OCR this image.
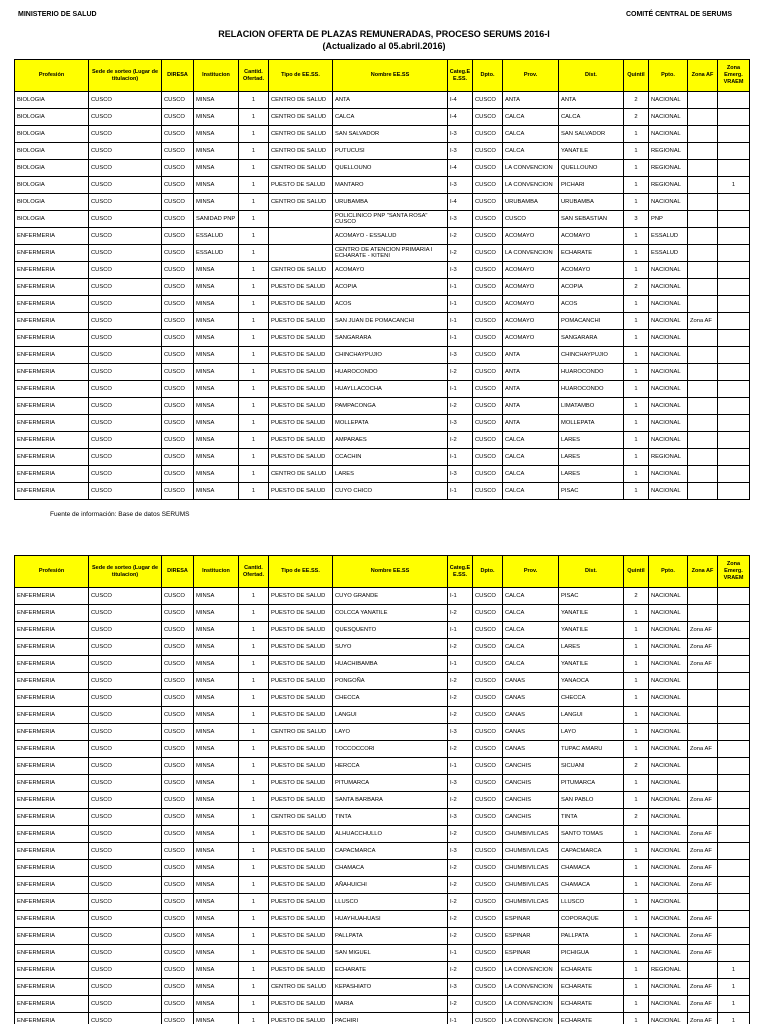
MINISTERIO DE SALUD	COMITÉ CENTRAL DE SERUMS
RELACION OFERTA DE PLAZAS REMUNERADAS, PROCESO SERUMS 2016-I
(Actualizado al 05.abril.2016)
Profesión	Sede de sorteo (Lugar de titulacion)	DIRESA	Institucion	Cantid. Ofertad.	Tipo de EE.SS.	Nombre EE.SS	Categ.E E.SS.	Dpto.	Prov.	Dist.	Quintil	Ppto.	Zona AF	Zona Emerg. VRAEM
BIOLOGIA	CUSCO	CUSCO	MINSA	1	CENTRO DE SALUD	ANTA	I-4	CUSCO	ANTA	ANTA	2	NACIONAL		
BIOLOGIA	CUSCO	CUSCO	MINSA	1	CENTRO DE SALUD	CALCA	I-4	CUSCO	CALCA	CALCA	2	NACIONAL		
BIOLOGIA	CUSCO	CUSCO	MINSA	1	CENTRO DE SALUD	SAN SALVADOR	I-3	CUSCO	CALCA	SAN SALVADOR	1	NACIONAL		
BIOLOGIA	CUSCO	CUSCO	MINSA	1	CENTRO DE SALUD	PUTUCUSI	I-3	CUSCO	CALCA	YANATILE	1	REGIONAL		
BIOLOGIA	CUSCO	CUSCO	MINSA	1	CENTRO DE SALUD	QUELLOUNO	I-4	CUSCO	LA CONVENCION	QUELLOUNO	1	REGIONAL		
BIOLOGIA	CUSCO	CUSCO	MINSA	1	PUESTO DE SALUD	MANTARO	I-3	CUSCO	LA CONVENCION	PICHARI	1	REGIONAL		1
BIOLOGIA	CUSCO	CUSCO	MINSA	1	CENTRO DE SALUD	URUBAMBA	I-4	CUSCO	URUBAMBA	URUBAMBA	1	NACIONAL		
BIOLOGIA	CUSCO	CUSCO	SANIDAD PNP	1		POLICLINICO PNP "SANTA ROSA" CUSCO	I-3	CUSCO	CUSCO	SAN SEBASTIAN	3	PNP		
ENFERMERIA	CUSCO	CUSCO	ESSALUD	1		ACOMAYO - ESSALUD	I-2	CUSCO	ACOMAYO	ACOMAYO	1	ESSALUD		
ENFERMERIA	CUSCO	CUSCO	ESSALUD	1		CENTRO DE ATENCION PRIMARIA I ECHARATE - KITENI	I-2	CUSCO	LA CONVENCION	ECHARATE	1	ESSALUD		
ENFERMERIA	CUSCO	CUSCO	MINSA	1	CENTRO DE SALUD	ACOMAYO	I-3	CUSCO	ACOMAYO	ACOMAYO	1	NACIONAL		
ENFERMERIA	CUSCO	CUSCO	MINSA	1	PUESTO DE SALUD	ACOPIA	I-1	CUSCO	ACOMAYO	ACOPIA	2	NACIONAL		
ENFERMERIA	CUSCO	CUSCO	MINSA	1	PUESTO DE SALUD	ACOS	I-1	CUSCO	ACOMAYO	ACOS	1	NACIONAL		
ENFERMERIA	CUSCO	CUSCO	MINSA	1	PUESTO DE SALUD	SAN JUAN DE POMACANCHI	I-1	CUSCO	ACOMAYO	POMACANCHI	1	NACIONAL	Zona AF	
ENFERMERIA	CUSCO	CUSCO	MINSA	1	PUESTO DE SALUD	SANGARARA	I-1	CUSCO	ACOMAYO	SANGARARA	1	NACIONAL		
ENFERMERIA	CUSCO	CUSCO	MINSA	1	PUESTO DE SALUD	CHINCHAYPUJIO	I-3	CUSCO	ANTA	CHINCHAYPUJIO	1	NACIONAL		
ENFERMERIA	CUSCO	CUSCO	MINSA	1	PUESTO DE SALUD	HUAROCONDO	I-2	CUSCO	ANTA	HUAROCONDO	1	NACIONAL		
ENFERMERIA	CUSCO	CUSCO	MINSA	1	PUESTO DE SALUD	HUAYLLACOCHA	I-1	CUSCO	ANTA	HUAROCONDO	1	NACIONAL		
ENFERMERIA	CUSCO	CUSCO	MINSA	1	PUESTO DE SALUD	PAMPACONGA	I-2	CUSCO	ANTA	LIMATAMBO	1	NACIONAL		
ENFERMERIA	CUSCO	CUSCO	MINSA	1	PUESTO DE SALUD	MOLLEPATA	I-3	CUSCO	ANTA	MOLLEPATA	1	NACIONAL		
ENFERMERIA	CUSCO	CUSCO	MINSA	1	PUESTO DE SALUD	AMPARAES	I-2	CUSCO	CALCA	LARES	1	NACIONAL		
ENFERMERIA	CUSCO	CUSCO	MINSA	1	PUESTO DE SALUD	CCACHIN	I-1	CUSCO	CALCA	LARES	1	REGIONAL		
ENFERMERIA	CUSCO	CUSCO	MINSA	1	CENTRO DE SALUD	LARES	I-3	CUSCO	CALCA	LARES	1	NACIONAL		
ENFERMERIA	CUSCO	CUSCO	MINSA	1	PUESTO DE SALUD	CUYO CHICO	I-1	CUSCO	CALCA	PISAC	1	NACIONAL		
Fuente de información: Base de datos SERUMS
Profesión	Sede de sorteo (Lugar de titulacion)	DIRESA	Institucion	Cantid. Ofertad.	Tipo de EE.SS.	Nombre EE.SS	Categ.E E.SS.	Dpto.	Prov.	Dist.	Quintil	Ppto.	Zona AF	Zona Emerg. VRAEM
ENFERMERIA	CUSCO	CUSCO	MINSA	1	PUESTO DE SALUD	CUYO GRANDE	I-1	CUSCO	CALCA	PISAC	2	NACIONAL		
ENFERMERIA	CUSCO	CUSCO	MINSA	1	PUESTO DE SALUD	COLCCA YANATILE	I-2	CUSCO	CALCA	YANATILE	1	NACIONAL		
ENFERMERIA	CUSCO	CUSCO	MINSA	1	PUESTO DE SALUD	QUESQUENTO	I-1	CUSCO	CALCA	YANATILE	1	NACIONAL	Zona AF	
ENFERMERIA	CUSCO	CUSCO	MINSA	1	PUESTO DE SALUD	SUYO	I-2	CUSCO	CALCA	LARES	1	NACIONAL	Zona AF	
ENFERMERIA	CUSCO	CUSCO	MINSA	1	PUESTO DE SALUD	HUACHIBAMBA	I-1	CUSCO	CALCA	YANATILE	1	NACIONAL	Zona AF	
ENFERMERIA	CUSCO	CUSCO	MINSA	1	PUESTO DE SALUD	PONGOÑA	I-2	CUSCO	CANAS	YANAOCA	1	NACIONAL		
ENFERMERIA	CUSCO	CUSCO	MINSA	1	PUESTO DE SALUD	CHECCA	I-2	CUSCO	CANAS	CHECCA	1	NACIONAL		
ENFERMERIA	CUSCO	CUSCO	MINSA	1	PUESTO DE SALUD	LANGUI	I-2	CUSCO	CANAS	LANGUI	1	NACIONAL		
ENFERMERIA	CUSCO	CUSCO	MINSA	1	CENTRO DE SALUD	LAYO	I-3	CUSCO	CANAS	LAYO	1	NACIONAL		
ENFERMERIA	CUSCO	CUSCO	MINSA	1	PUESTO DE SALUD	TOCCOCCORI	I-2	CUSCO	CANAS	TUPAC AMARU	1	NACIONAL	Zona AF	
ENFERMERIA	CUSCO	CUSCO	MINSA	1	PUESTO DE SALUD	HERCCA	I-1	CUSCO	CANCHIS	SICUANI	2	NACIONAL		
ENFERMERIA	CUSCO	CUSCO	MINSA	1	PUESTO DE SALUD	PITUMARCA	I-3	CUSCO	CANCHIS	PITUMARCA	1	NACIONAL		
ENFERMERIA	CUSCO	CUSCO	MINSA	1	PUESTO DE SALUD	SANTA BARBARA	I-2	CUSCO	CANCHIS	SAN PABLO	1	NACIONAL	Zona AF	
ENFERMERIA	CUSCO	CUSCO	MINSA	1	CENTRO DE SALUD	TINTA	I-3	CUSCO	CANCHIS	TINTA	2	NACIONAL		
ENFERMERIA	CUSCO	CUSCO	MINSA	1	PUESTO DE SALUD	ALHUACCHULLO	I-2	CUSCO	CHUMBIVILCAS	SANTO TOMAS	1	NACIONAL	Zona AF	
ENFERMERIA	CUSCO	CUSCO	MINSA	1	PUESTO DE SALUD	CAPACMARCA	I-3	CUSCO	CHUMBIVILCAS	CAPACMARCA	1	NACIONAL	Zona AF	
ENFERMERIA	CUSCO	CUSCO	MINSA	1	PUESTO DE SALUD	CHAMACA	I-2	CUSCO	CHUMBIVILCAS	CHAMACA	1	NACIONAL	Zona AF	
ENFERMERIA	CUSCO	CUSCO	MINSA	1	PUESTO DE SALUD	AÑAHUICHI	I-2	CUSCO	CHUMBIVILCAS	CHAMACA	1	NACIONAL	Zona AF	
ENFERMERIA	CUSCO	CUSCO	MINSA	1	PUESTO DE SALUD	LLUSCO	I-2	CUSCO	CHUMBIVILCAS	LLUSCO	1	NACIONAL		
ENFERMERIA	CUSCO	CUSCO	MINSA	1	PUESTO DE SALUD	HUAYHUAHUASI	I-2	CUSCO	ESPINAR	COPORAQUE	1	NACIONAL	Zona AF	
ENFERMERIA	CUSCO	CUSCO	MINSA	1	PUESTO DE SALUD	PALLPATA	I-2	CUSCO	ESPINAR	PALLPATA	1	NACIONAL	Zona AF	
ENFERMERIA	CUSCO	CUSCO	MINSA	1	PUESTO DE SALUD	SAN MIGUEL	I-1	CUSCO	ESPINAR	PICHIGUA	1	NACIONAL	Zona AF	
ENFERMERIA	CUSCO	CUSCO	MINSA	1	PUESTO DE SALUD	ECHARATE	I-2	CUSCO	LA CONVENCION	ECHARATE	1	REGIONAL		1
ENFERMERIA	CUSCO	CUSCO	MINSA	1	CENTRO DE SALUD	KEPASHIATO	I-3	CUSCO	LA CONVENCION	ECHARATE	1	NACIONAL	Zona AF	1
ENFERMERIA	CUSCO	CUSCO	MINSA	1	PUESTO DE SALUD	MARIA	I-2	CUSCO	LA CONVENCION	ECHARATE	1	NACIONAL	Zona AF	1
ENFERMERIA	CUSCO	CUSCO	MINSA	1	PUESTO DE SALUD	PACHIRI	I-1	CUSCO	LA CONVENCION	ECHARATE	1	NACIONAL	Zona AF	1
